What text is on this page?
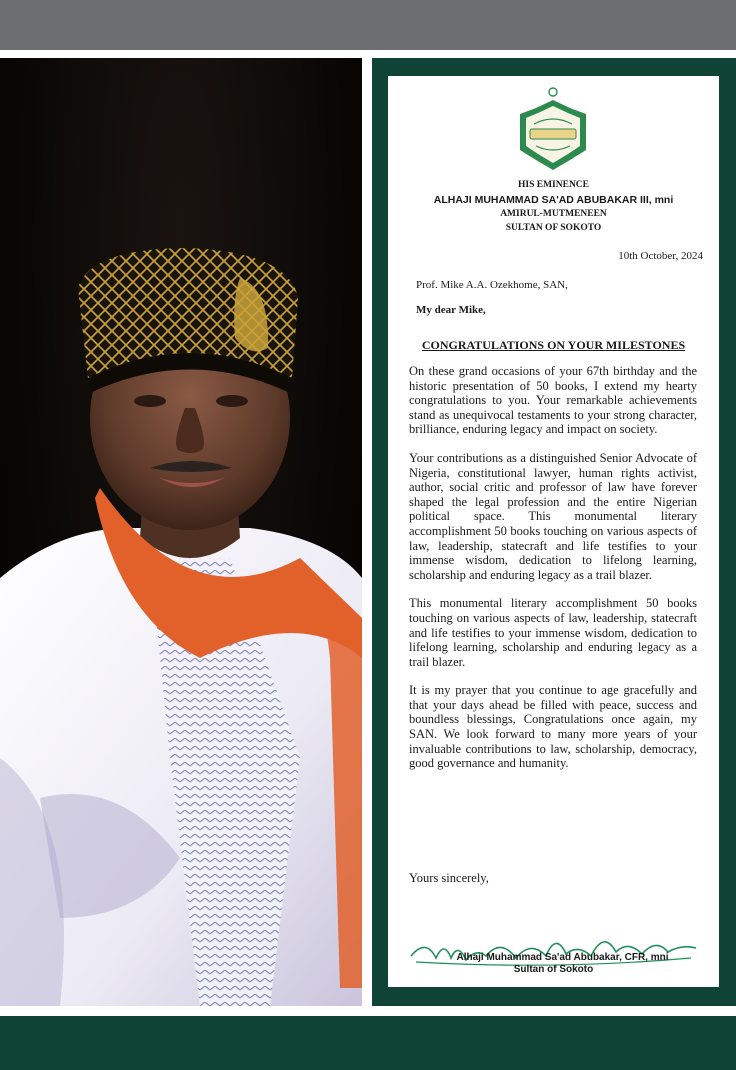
HIS EMINENCE
ALHAJI MUHAMMAD SA'AD ABUBAKAR III, mni
AMIRUL-MUTMENEEN
SULTAN OF SOKOTO
10th October, 2024
Prof. Mike A.A. Ozekhome, SAN,
My dear Mike,
CONGRATULATIONS ON YOUR MILESTONES

On these grand occasions of your 67th birthday and the historic presentation of 50 books, I extend my hearty congratulations to you. Your remarkable achievements stand as unequivocal testaments to your strong character, brilliance, enduring legacy and impact on society.

Your contributions as a distinguished Senior Advocate of Nigeria, constitutional lawyer, human rights activist, author, social critic and professor of law have forever shaped the legal profession and the entire Nigerian political space. This monumental literary accomplishment 50 books touching on various aspects of law, leadership, statecraft and life testifies to your immense wisdom, dedication to lifelong learning, scholarship and enduring legacy as a trail blazer.

This monumental literary accomplishment 50 books touching on various aspects of law, leadership, statecraft and life testifies to your immense wisdom, dedication to lifelong learning, scholarship and enduring legacy as a trail blazer.

It is my prayer that you continue to age gracefully and that your days ahead be filled with peace, success and boundless blessings, Congratulations once again, my SAN. We look forward to many more years of your invaluable contributions to law, scholarship, democracy, good governance and humanity.

Yours sincerely,
Alhaji Muhammad Sa'ad Abubakar, CFR, mni
Sultan of Sokoto
